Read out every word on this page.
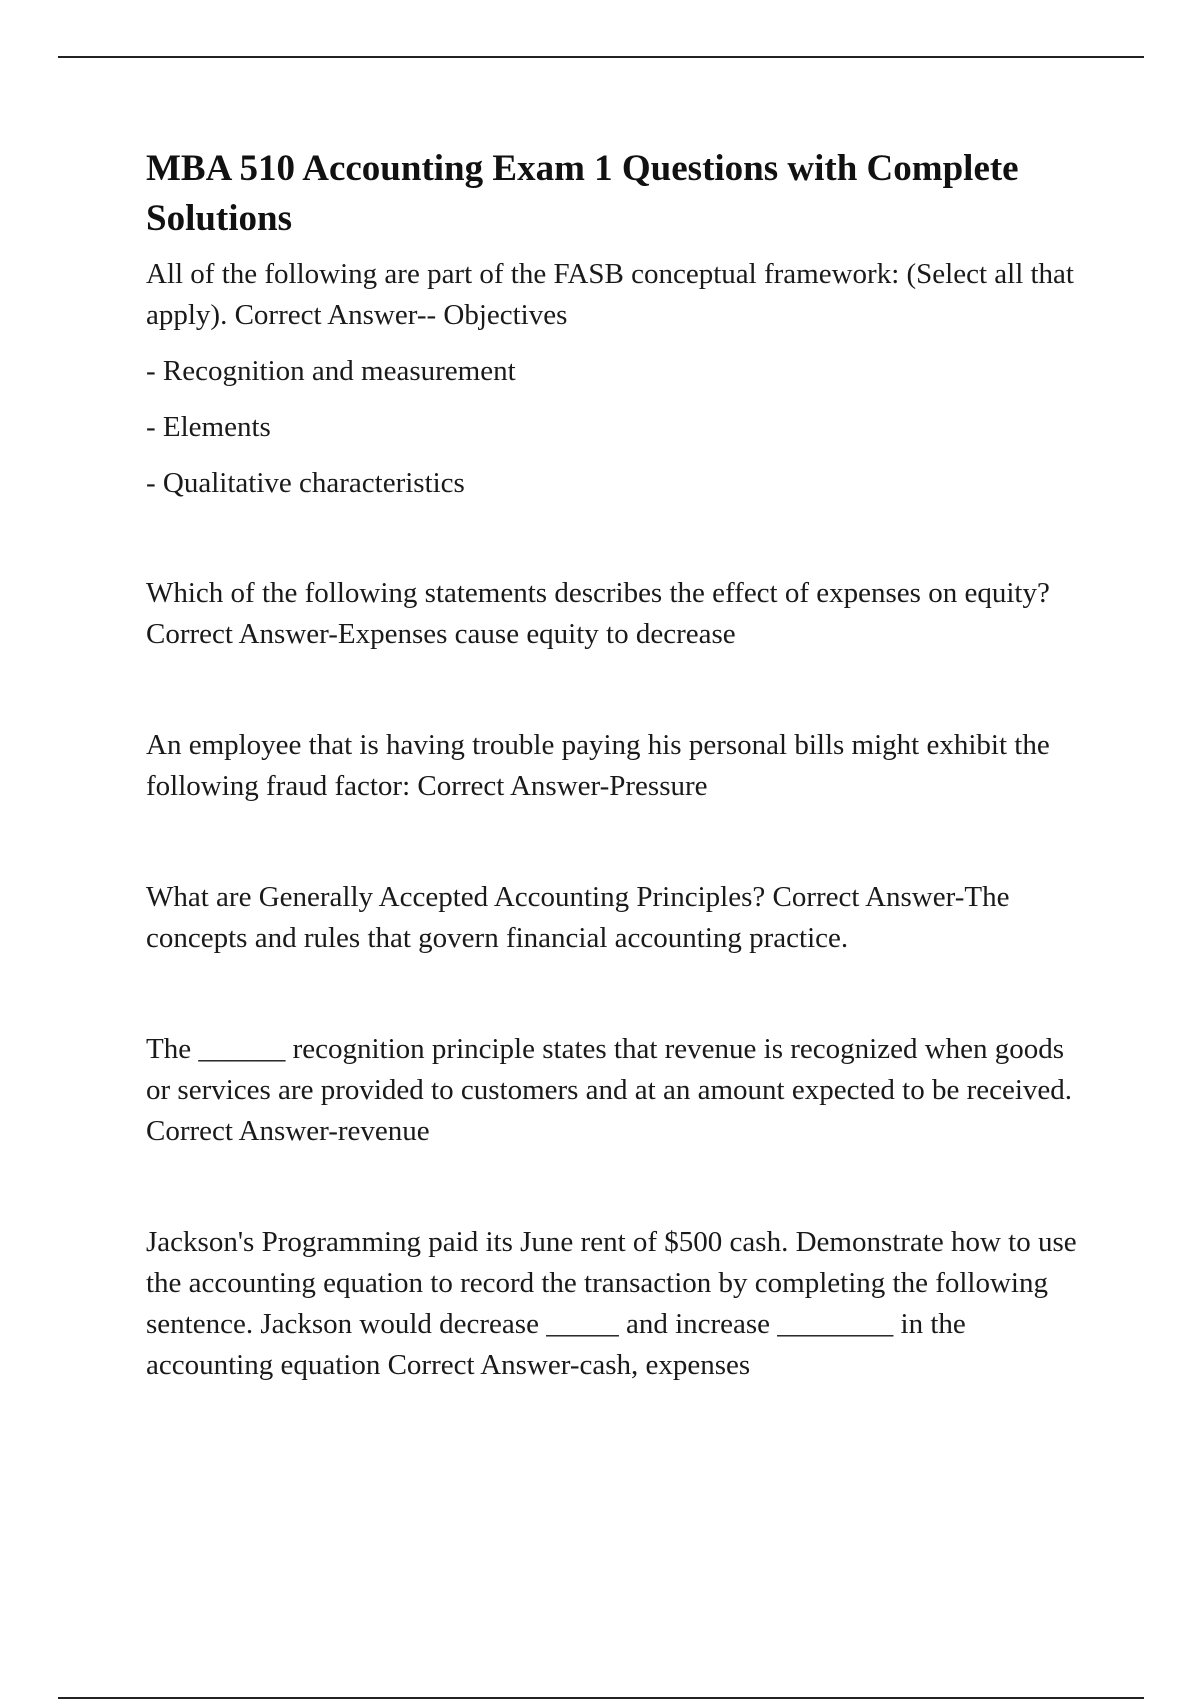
MBA 510 Accounting Exam 1 Questions with Complete Solutions

All of the following are part of the FASB conceptual framework: (Select all that apply). Correct Answer-- Objectives

- Recognition and measurement
- Elements
- Qualitative characteristics

Which of the following statements describes the effect of expenses on equity? Correct Answer-Expenses cause equity to decrease

An employee that is having trouble paying his personal bills might exhibit the following fraud factor: Correct Answer-Pressure

What are Generally Accepted Accounting Principles? Correct Answer-The concepts and rules that govern financial accounting practice.

The ______ recognition principle states that revenue is recognized when goods or services are provided to customers and at an amount expected to be received. Correct Answer-revenue

Jackson's Programming paid its June rent of $500 cash. Demonstrate how to use the accounting equation to record the transaction by completing the following sentence. Jackson would decrease _____ and increase ________ in the accounting equation Correct Answer-cash, expenses
